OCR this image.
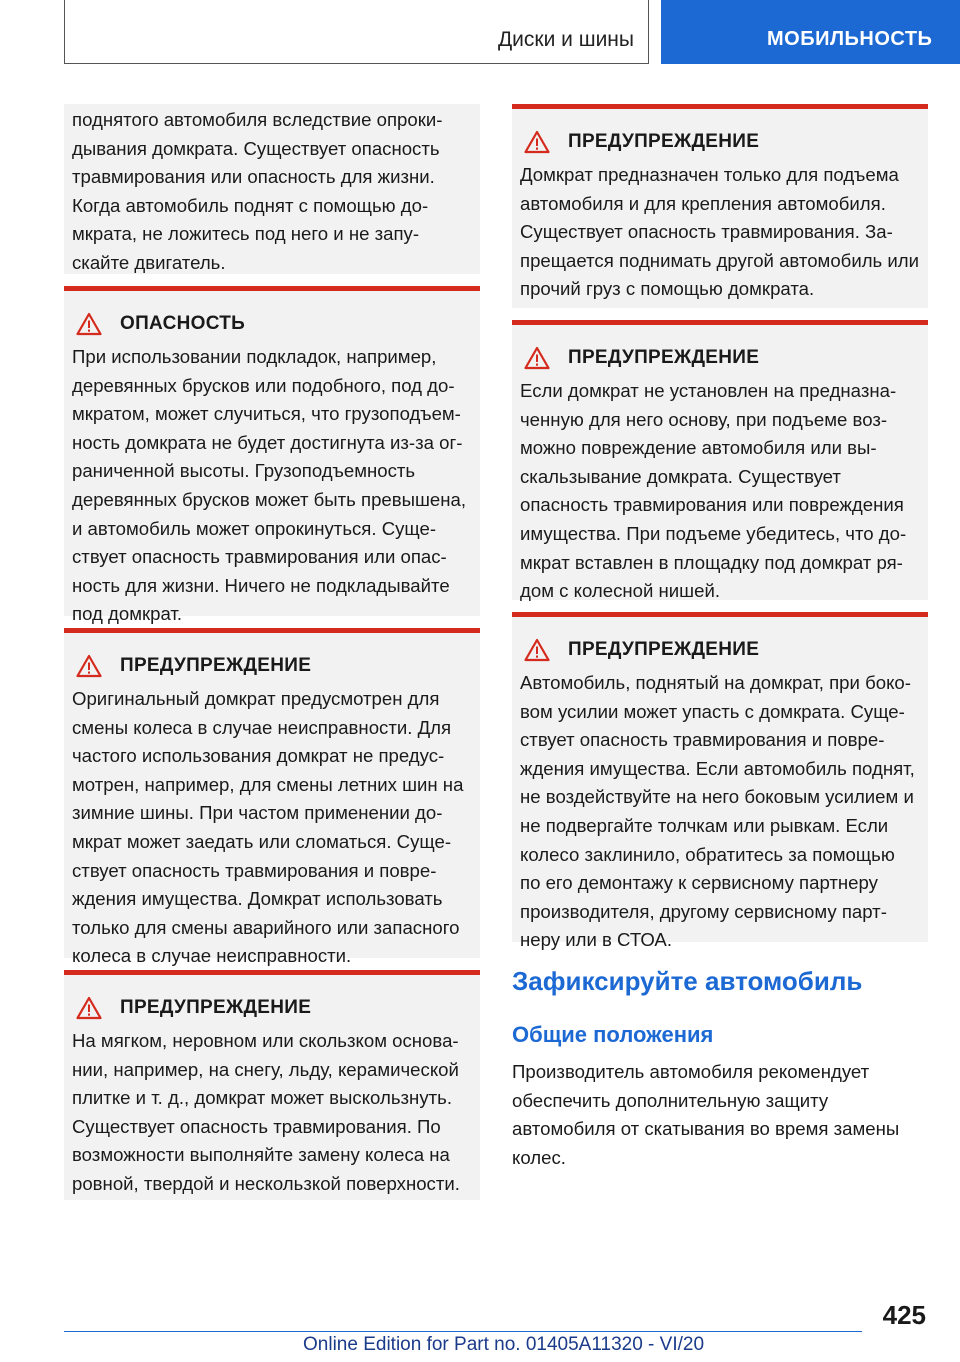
Диски и шины	МОБИЛЬНОСТЬ

поднятого автомобиля вследствие опроки-дывания домкрата. Существует опасность травмирования или опасность для жизни. Когда автомобиль поднят с помощью до-мкрата, не ложитесь под него и не запу-скайте двигатель.

ОПАСНОСТЬ

При использовании подкладок, например, деревянных брусков или подобного, под до-мкратом, может случиться, что грузоподъем-ность домкрата не будет достигнута из-за ог-раниченной высоты. Грузоподъемность деревянных брусков может быть превышена, и автомобиль может опрокинуться. Суще-ствует опасность травмирования или опас-ность для жизни. Ничего не подкладывайте под домкрат.

ПРЕДУПРЕЖДЕНИЕ

Оригинальный домкрат предусмотрен для смены колеса в случае неисправности. Для частого использования домкрат не предус-мотрен, например, для смены летних шин на зимние шины. При частом применении до-мкрат может заедать или сломаться. Суще-ствует опасность травмирования и повре-ждения имущества. Домкрат использовать только для смены аварийного или запасного колеса в случае неисправности.

ПРЕДУПРЕЖДЕНИЕ

На мягком, неровном или скользком основа-нии, например, на снегу, льду, керамической плитке и т. д., домкрат может выскользнуть. Существует опасность травмирования. По возможности выполняйте замену колеса на ровной, твердой и нескользкой поверхности.

ПРЕДУПРЕЖДЕНИЕ

Домкрат предназначен только для подъема автомобиля и для крепления автомобиля. Существует опасность травмирования. За-прещается поднимать другой автомобиль или прочий груз с помощью домкрата.

ПРЕДУПРЕЖДЕНИЕ

Если домкрат не установлен на предназна-ченную для него основу, при подъеме воз-можно повреждение автомобиля или вы-скальзывание домкрата. Существует опасность травмирования или повреждения имущества. При подъеме убедитесь, что до-мкрат вставлен в площадку под домкрат ря-дом с колесной нишей.

ПРЕДУПРЕЖДЕНИЕ

Автомобиль, поднятый на домкрат, при боко-вом усилии может упасть с домкрата. Суще-ствует опасность травмирования и повре-ждения имущества. Если автомобиль поднят, не воздействуйте на него боковым усилием и не подвергайте толчкам или рывкам. Если колесо заклинило, обратитесь за помощью по его демонтажу к сервисному партнеру производителя, другому сервисному парт-неру или в СТОА.

Зафиксируйте автомобиль
Общие положения

Производитель автомобиля рекомендует обеспечить дополнительную защиту автомобиля от скатывания во время замены колес.

425
Online Edition for Part no. 01405A11320 - VI/20
